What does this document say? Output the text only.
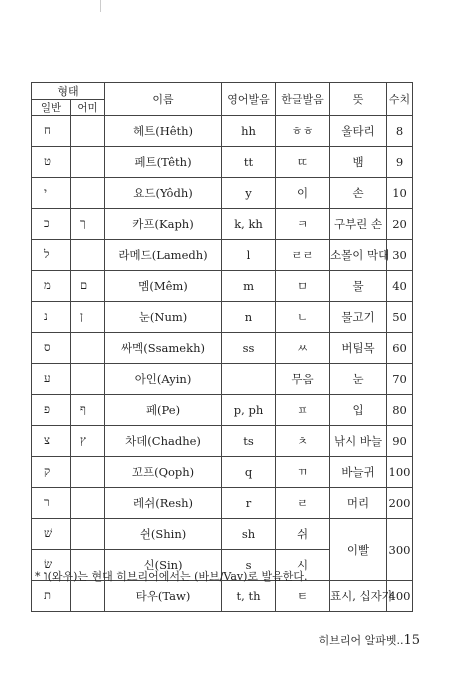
형태		이름	영어발음	한글발음	뜻	수치
일반	어미					
ח		헤트(Hêth)	hh	ㅎㅎ	울타리	8
ט		페트(Têth)	tt	ㄸ	뱀	9
י		요드(Yôdh)	y	이	손	10
כ	ך	카프(Kaph)	k, kh	ㅋ	구부린 손	20
ל		라메드(Lamedh)	l	ㄹㄹ	소몰이 막대	30
מ	ם	멤(Mêm)	m	ㅁ	물	40
נ	ן	눈(Num)	n	ㄴ	물고기	50
ס		싸멕(Ssamekh)	ss	ㅆ	버팀목	60
ע		아인(Ayin)		무음	눈	70
פ	ף	페(Pe)	p, ph	ㅍ	입	80
צ	ץ	차데(Chadhe)	ts	ㅊ	낚시 바늘	90
ק		꼬프(Qoph)	q	ㄲ	바늘귀	100
ר		레쉬(Resh)	r	ㄹ	머리	200
שׁ		쉰(Shin)	sh	쉬	이빨	300
שׂ		신(Sin)	s	시		
ת		타우(Taw)	t, th	ㅌ	표시, 십자가	400
* ו(와우)는 현대 히브리어에서는 (바브/Vav)로 발음한다.
히브리어 알파벳..15
